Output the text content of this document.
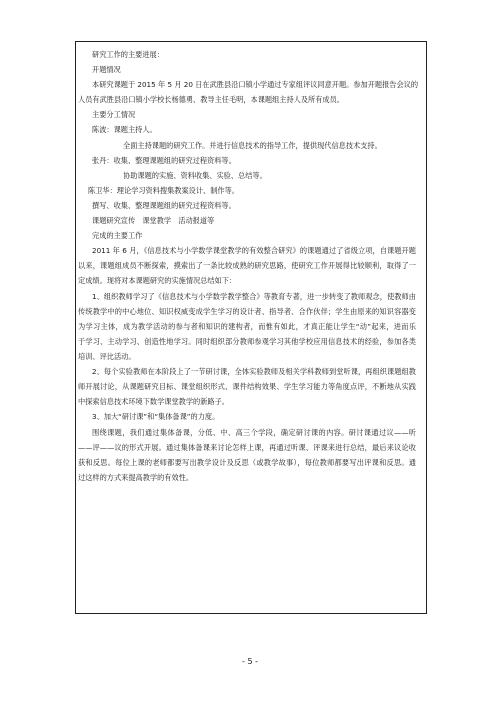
研究工作的主要进展：
开题情况
本研究课题于 2015 年 5 月 20 日在武胜县沿口镇小学通过专家组评议同意开题。参加开题报告会议的
人员有武胜县沿口镇小学校长杨德勇、教导主任毛明，本课题组主持人及所有成员。
主要分工情况
陈波：课题主持人。
全面主持课题的研究工作。并进行信息技术的指导工作，提供现代信息技术支持。
张丹：收集、整理课题组的研究过程资料等。
协助课题的实施、资料收集、实验、总结等。
陈卫华：理论学习资料搜集教案设计、制作等。
撰写、收集、整理课题组的研究过程资料等。
课题研究宣传　课堂教学　活动报道等
完成的主要工作
2011 年 6 月，《信息技术与小学数学课堂教学的有效整合研究》的课题通过了省级立项，自课题开题
以来，课题组成员不断探索，摸索出了一条比较成熟的研究思路，使研究工作开展得比较顺利，取得了一
定成绩。现将对本课题研究的实施情况总结如下：
1、组织教师学习了《信息技术与小学数学教学整合》等教育专著，进一步转变了教师观念，使教师由
传统教学中的中心地位、知识权威变成学生学习的设计者、指导者、合作伙伴；学生由原来的知识容器变
为学习主体，成为教学活动的参与者和知识的建构者，而惟有如此，才真正能让学生“动”起来，进而乐
于学习、主动学习、创造性地学习。同时组织部分教师参观学习其他学校应用信息技术的经验，参加各类
培训、评比活动。
2、每个实验教师在本阶段上了一节研讨课，全体实验教师及相关学科教师到堂听课，再组织课题组教
师开展讨论，从课题研究目标、课堂组织形式、课件结构效果、学生学习能力等角度点评，不断地从实践
中探索信息技术环境下数学课堂教学的新路子。
3、加大“研讨课”和“集体备课”的力度。
围绕课题，我们通过集体备课，分低、中、高三个学段，确定研讨课的内容。研讨课通过议——听
——评——议的形式开展。通过集体备课来讨论怎样上课，再通过听课、评课来进行总结，最后来议论收
获和反思。每位上课的老师都要写出教学设计及反思（或教学故事），每位教师都要写出评课和反思。通
过这样的方式来提高教学的有效性。
- 5 -
